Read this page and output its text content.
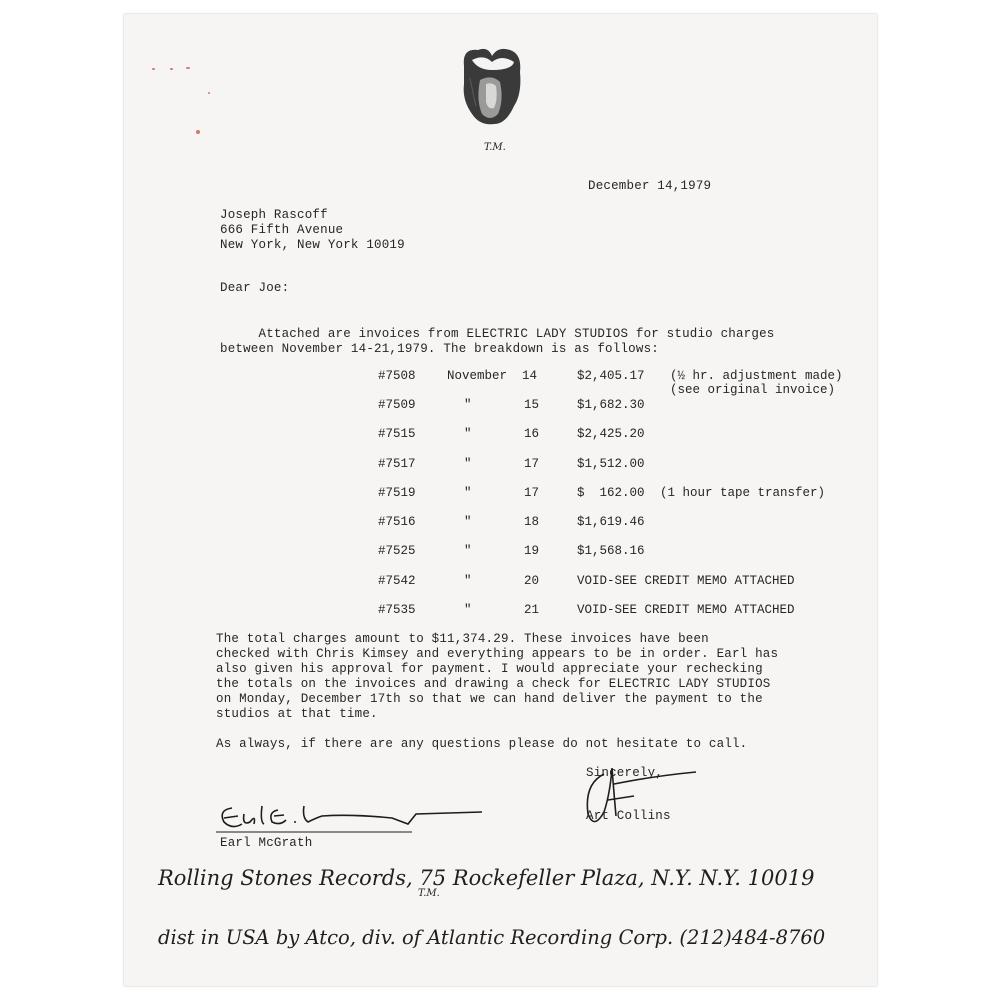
T.M.
December 14,1979
Joseph Rascoff
666 Fifth Avenue
New York, New York 10019
Dear Joe:
Attached are invoices from ELECTRIC LADY STUDIOS for studio charges
between November 14-21,1979. The breakdown is as follows:
#7508	November 14	$2,405.17 (½ hr. adjustment made)
(see original invoice)
#7509	"	15	$1,682.30
#7515	"	16	$2,425.20
#7517	"	17	$1,512.00
#7519	"	17	$  162.00 (1 hour tape transfer)
#7516	"	18	$1,619.46
#7525	"	19	$1,568.16
#7542	"	20	VOID-SEE CREDIT MEMO ATTACHED
#7535	"	21	VOID-SEE CREDIT MEMO ATTACHED
The total charges amount to $11,374.29. These invoices have been
checked with Chris Kimsey and everything appears to be in order. Earl has
also given his approval for payment. I would appreciate your rechecking
the totals on the invoices and drawing a check for ELECTRIC LADY STUDIOS
on Monday, December 17th so that we can hand deliver the payment to the
studios at that time.
As always, if there are any questions please do not hesitate to call.
Sincerely,
Art Collins
Earl McGrath
Rolling Stones Records, 75 Rockefeller Plaza, N.Y. N.Y. 10019
T.M.
dist in USA by Atco, div. of Atlantic Recording Corp. (212)484-8760
